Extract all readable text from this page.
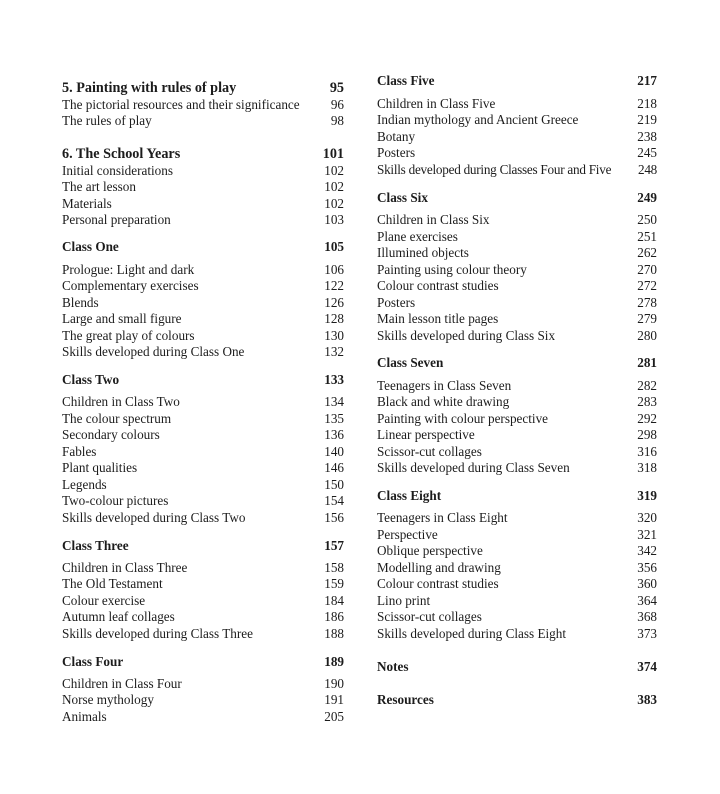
5. Painting with rules of play	95
The pictorial resources and their significance	96
The rules of play	98
6. The School Years	101
Initial considerations	102
The art lesson	102
Materials	102
Personal preparation	103
Class One	105
Prologue: Light and dark	106
Complementary exercises	122
Blends	126
Large and small figure	128
The great play of colours	130
Skills developed during Class One	132
Class Two	133
Children in Class Two	134
The colour spectrum	135
Secondary colours	136
Fables	140
Plant qualities	146
Legends	150
Two-colour pictures	154
Skills developed during Class Two	156
Class Three	157
Children in Class Three	158
The Old Testament	159
Colour exercise	184
Autumn leaf collages	186
Skills developed during Class Three	188
Class Four	189
Children in Class Four	190
Norse mythology	191
Animals	205
Class Five	217
Children in Class Five	218
Indian mythology and Ancient Greece	219
Botany	238
Posters	245
Skills developed during Classes Four and Five	248
Class Six	249
Children in Class Six	250
Plane exercises	251
Illumined objects	262
Painting using colour theory	270
Colour contrast studies	272
Posters	278
Main lesson title pages	279
Skills developed during Class Six	280
Class Seven	281
Teenagers in Class Seven	282
Black and white drawing	283
Painting with colour perspective	292
Linear perspective	298
Scissor-cut collages	316
Skills developed during Class Seven	318
Class Eight	319
Teenagers in Class Eight	320
Perspective	321
Oblique perspective	342
Modelling and drawing	356
Colour contrast studies	360
Lino print	364
Scissor-cut collages	368
Skills developed during Class Eight	373
Notes	374
Resources	383
